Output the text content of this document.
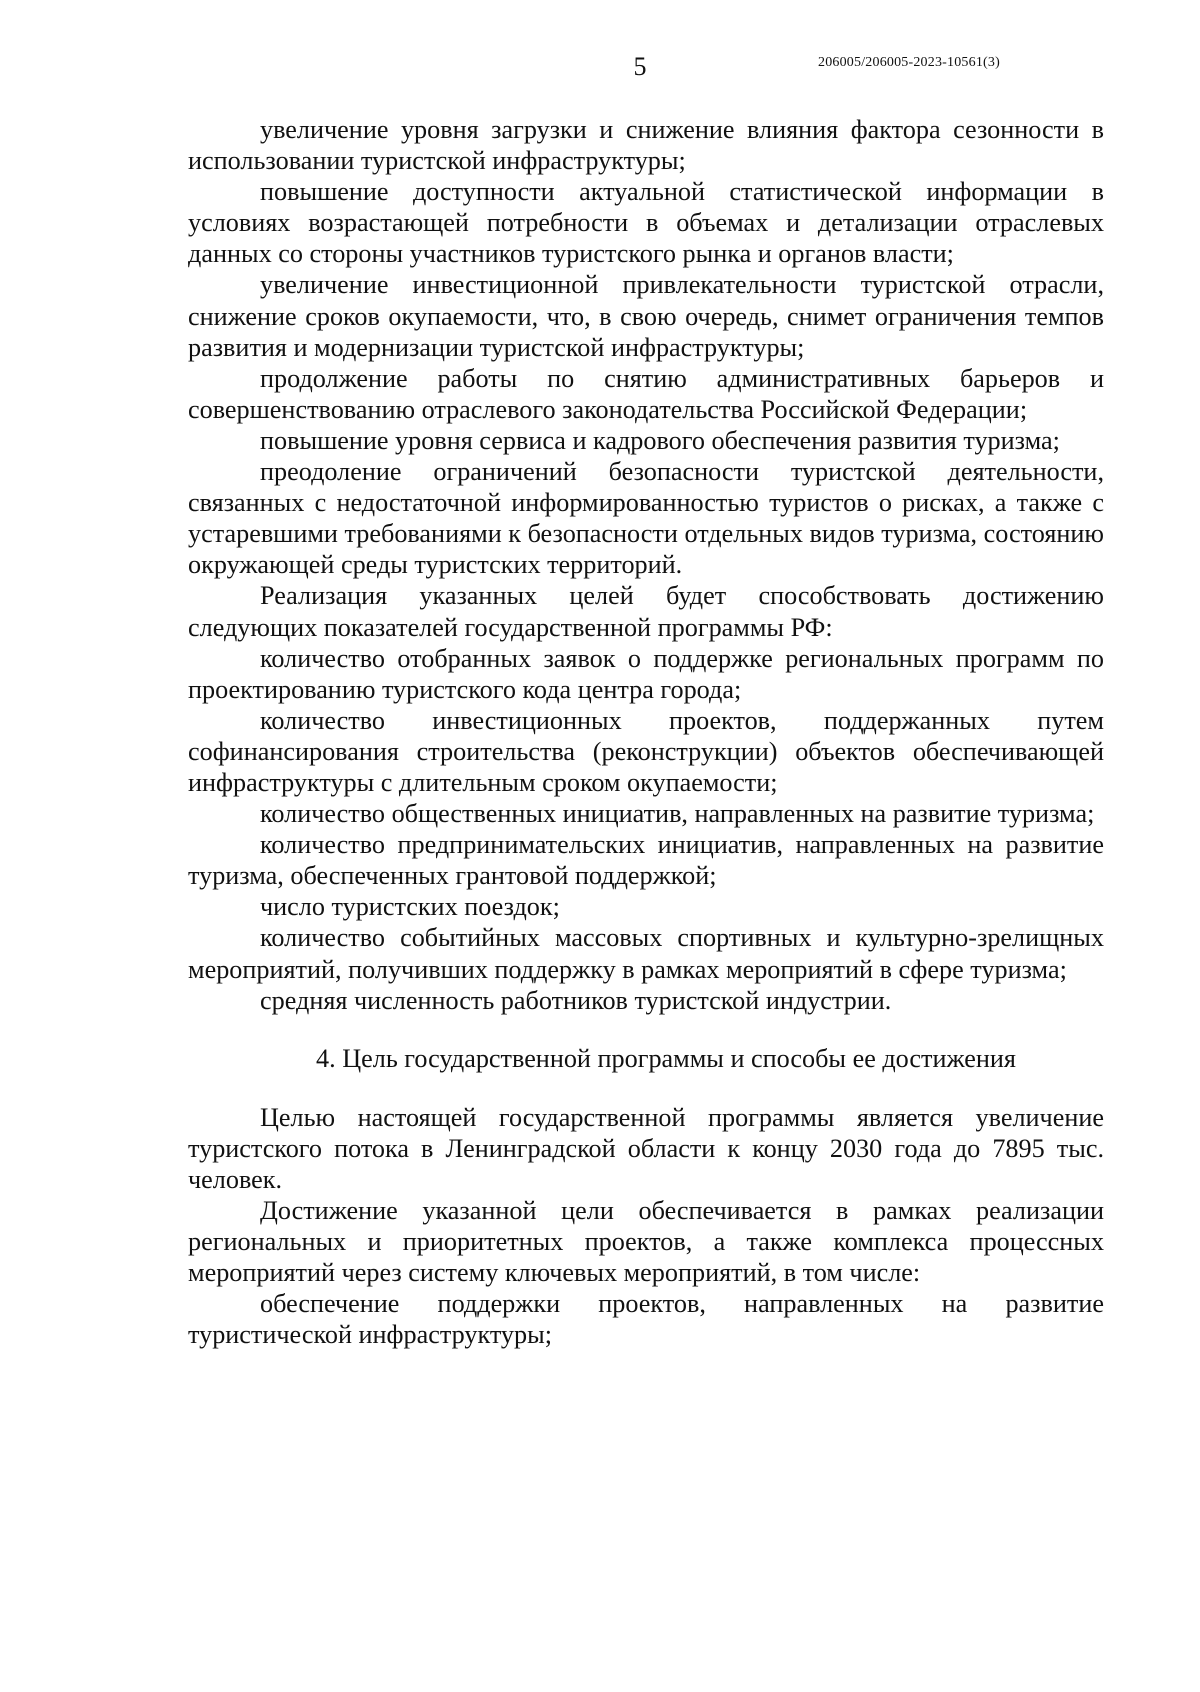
5	206005/206005-2023-10561(3)

увеличение уровня загрузки и снижение влияния фактора сезонности в использовании туристской инфраструктуры;

повышение доступности актуальной статистической информации в условиях возрастающей потребности в объемах и детализации отраслевых данных со стороны участников туристского рынка и органов власти;

увеличение инвестиционной привлекательности туристской отрасли, снижение сроков окупаемости, что, в свою очередь, снимет ограничения темпов развития и модернизации туристской инфраструктуры;

продолжение работы по снятию административных барьеров и совершенствованию отраслевого законодательства Российской Федерации;

повышение уровня сервиса и кадрового обеспечения развития туризма;

преодоление ограничений безопасности туристской деятельности, связанных с недостаточной информированностью туристов о рисках, а также с устаревшими требованиями к безопасности отдельных видов туризма, состоянию окружающей среды туристских территорий.

Реализация указанных целей будет способствовать достижению следующих показателей государственной программы РФ:

количество отобранных заявок о поддержке региональных программ по проектированию туристского кода центра города;

количество инвестиционных проектов, поддержанных путем софинансирования строительства (реконструкции) объектов обеспечивающей инфраструктуры с длительным сроком окупаемости;

количество общественных инициатив, направленных на развитие туризма;

количество предпринимательских инициатив, направленных на развитие туризма, обеспеченных грантовой поддержкой;

число туристских поездок;

количество событийных массовых спортивных и культурно-зрелищных мероприятий, получивших поддержку в рамках мероприятий в сфере туризма;

средняя численность работников туристской индустрии.

4. Цель государственной программы и способы ее достижения

Целью настоящей государственной программы является увеличение туристского потока в Ленинградской области к концу 2030 года до 7895 тыс. человек.

Достижение указанной цели обеспечивается в рамках реализации региональных и приоритетных проектов, а также комплекса процессных мероприятий через систему ключевых мероприятий, в том числе:

обеспечение поддержки проектов, направленных на развитие туристической инфраструктуры;
